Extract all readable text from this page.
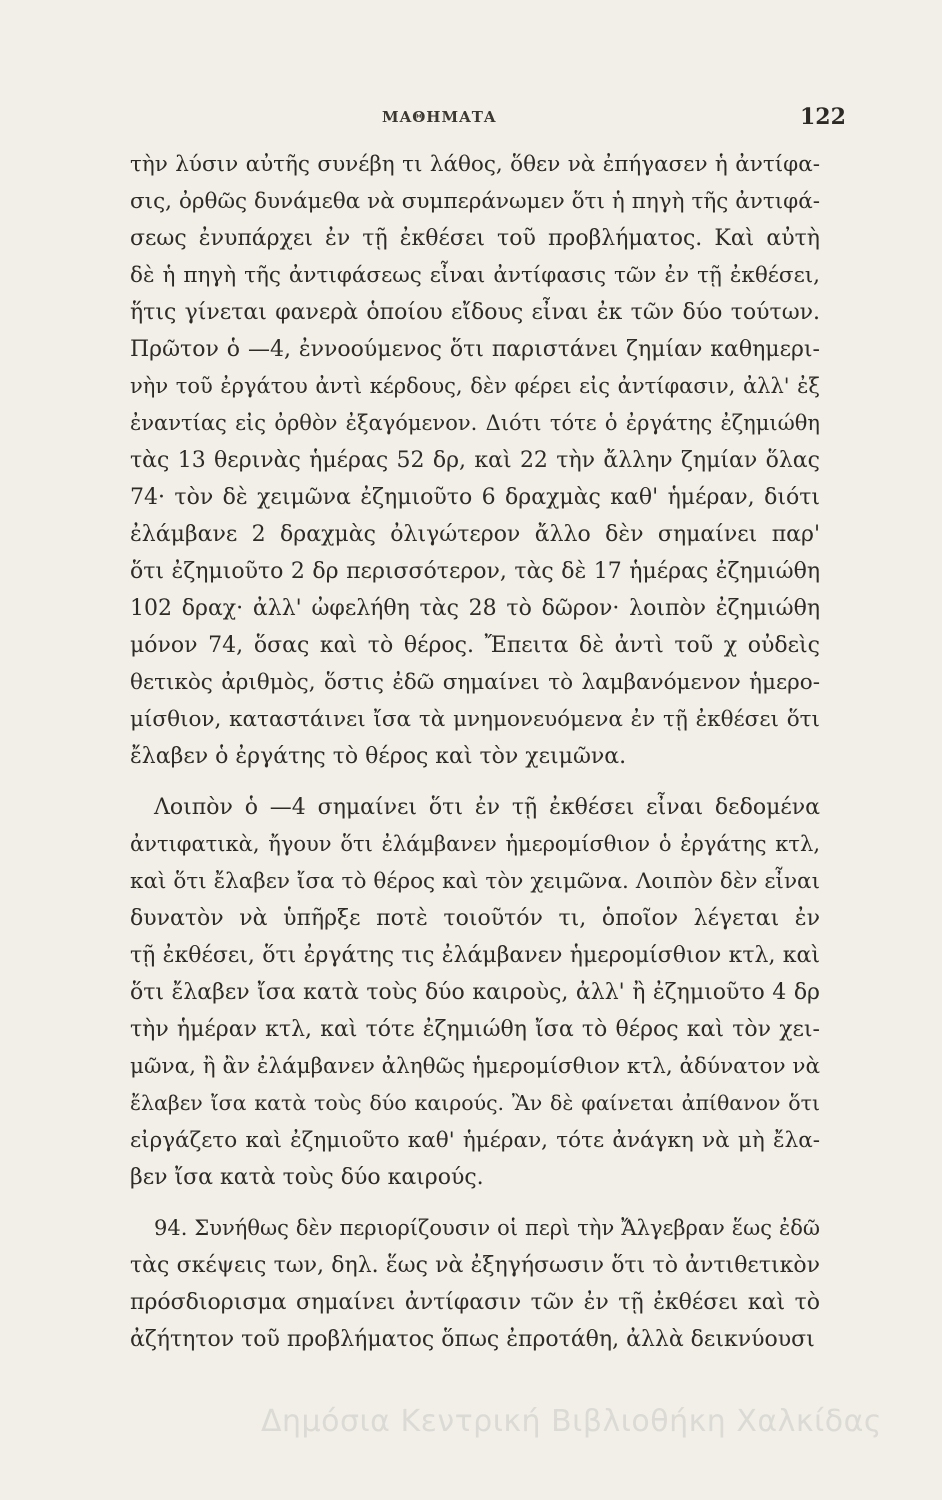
ΜΑΘΗΜΑΤΑ	122
τὴν λύσιν αὐτῆς συνέβη τι λάθος, ὅθεν νὰ ἐπήγασεν ἡ ἀντίφα-
σις, ὀρθῶς δυνάμεθα νὰ συμπεράνωμεν ὅτι ἡ πηγὴ τῆς ἀντιφά-
σεως ἐνυπάρχει ἐν τῇ ἐκθέσει τοῦ προβλήματος. Καὶ αὐτὴ
δὲ ἡ πηγὴ τῆς ἀντιφάσεως εἶναι ἀντίφασις τῶν ἐν τῇ ἐκθέσει,
ἥτις γίνεται φανερὰ ὁποίου εἴδους εἶναι ἐκ τῶν δύο τούτων.
Πρῶτον ὁ —4, ἐννοούμενος ὅτι παριστάνει ζημίαν καθημερι-
νὴν τοῦ ἐργάτου ἀντὶ κέρδους, δὲν φέρει εἰς ἀντίφασιν, ἀλλ' ἐξ
ἐναντίας εἰς ὀρθὸν ἐξαγόμενον. Διότι τότε ὁ ἐργάτης ἐζημιώθη
τὰς 13 θερινὰς ἡμέρας 52 δρ, καὶ 22 τὴν ἄλλην ζημίαν ὅλας
74· τὸν δὲ χειμῶνα ἐζημιοῦτο 6 δραχμὰς καθ' ἡμέραν, διότι
ἐλάμβανε 2 δραχμὰς ὀλιγώτερον ἄλλο δὲν σημαίνει παρ'
ὅτι ἐζημιοῦτο 2 δρ περισσότερον, τὰς δὲ 17 ἡμέρας ἐζημιώθη
102 δραχ· ἀλλ' ὠφελήθη τὰς 28 τὸ δῶρον· λοιπὸν ἐζημιώθη
μόνον 74, ὅσας καὶ τὸ θέρος. Ἔπειτα δὲ ἀντὶ τοῦ χ οὐδεὶς
θετικὸς ἀριθμὸς, ὅστις ἐδῶ σημαίνει τὸ λαμβανόμενον ἡμερο-
μίσθιον, καταστάινει ἴσα τὰ μνημονευόμενα ἐν τῇ ἐκθέσει ὅτι
ἔλαβεν ὁ ἐργάτης τὸ θέρος καὶ τὸν χειμῶνα.
Λοιπὸν ὁ —4 σημαίνει ὅτι ἐν τῇ ἐκθέσει εἶναι δεδομένα
ἀντιφατικὰ, ἤγουν ὅτι ἐλάμβανεν ἡμερομίσθιον ὁ ἐργάτης κτλ,
καὶ ὅτι ἔλαβεν ἴσα τὸ θέρος καὶ τὸν χειμῶνα. Λοιπὸν δὲν εἶναι
δυνατὸν νὰ ὑπῆρξε ποτὲ τοιοῦτόν τι, ὁποῖον λέγεται ἐν
τῇ ἐκθέσει, ὅτι ἐργάτης τις ἐλάμβανεν ἡμερομίσθιον κτλ, καὶ
ὅτι ἔλαβεν ἴσα κατὰ τοὺς δύο καιροὺς, ἀλλ' ἢ ἐζημιοῦτο 4 δρ
τὴν ἡμέραν κτλ, καὶ τότε ἐζημιώθη ἴσα τὸ θέρος καὶ τὸν χει-
μῶνα, ἢ ἂν ἐλάμβανεν ἀληθῶς ἡμερομίσθιον κτλ, ἀδύνατον νὰ
ἔλαβεν ἴσα κατὰ τοὺς δύο καιρούς. Ἂν δὲ φαίνεται ἀπίθανον ὅτι
εἰργάζετο καὶ ἐζημιοῦτο καθ' ἡμέραν, τότε ἀνάγκη νὰ μὴ ἔλα-
βεν ἴσα κατὰ τοὺς δύο καιρούς.
94. Συνήθως δὲν περιορίζουσιν οἱ περὶ τὴν Ἄλγεβραν ἕως ἐδῶ
τὰς σκέψεις των, δηλ. ἕως νὰ ἐξηγήσωσιν ὅτι τὸ ἀντιθετικὸν
πρόσδιορισμα σημαίνει ἀντίφασιν τῶν ἐν τῇ ἐκθέσει καὶ τὸ
ἀζήτητον τοῦ προβλήματος ὅπως ἐπροτάθη, ἀλλὰ δεικνύουσι
Δημόσια Κεντρική Βιβλιοθήκη Χαλκίδας
